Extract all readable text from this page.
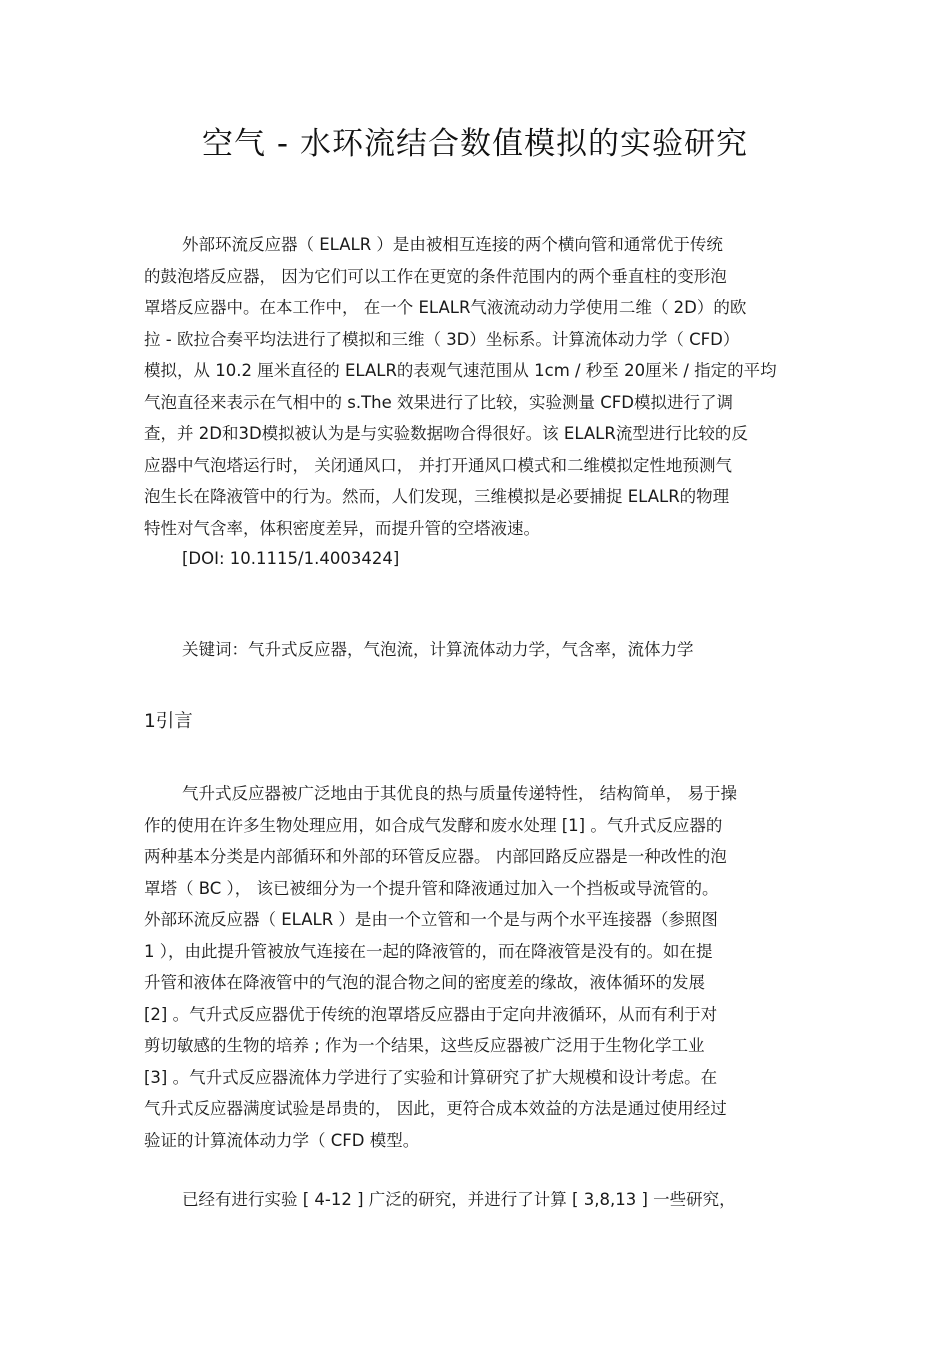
空气 - 水环流结合数值模拟的实验研究
外部环流反应器（ ELALR ）是由被相互连接的两个横向管和通常优于传统
的鼓泡塔反应器， 因为它们可以工作在更宽的条件范围内的两个垂直柱的变形泡
罩塔反应器中。在本工作中， 在一个 ELALR气液流动动力学使用二维（ 2D）的欧
拉 - 欧拉合奏平均法进行了模拟和三维（ 3D）坐标系。计算流体动力学（ CFD）
模拟，从 10.2 厘米直径的 ELALR的表观气速范围从 1cm / 秒至 20厘米 / 指定的平均
气泡直径来表示在气相中的 s.The 效果进行了比较，实验测量 CFD模拟进行了调
查，并 2D和3D模拟被认为是与实验数据吻合得很好。该 ELALR流型进行比较的反
应器中气泡塔运行时， 关闭通风口， 并打开通风口模式和二维模拟定性地预测气
泡生长在降液管中的行为。然而，人们发现，三维模拟是必要捕捉 ELALR的物理
特性对气含率，体积密度差异，而提升管的空塔液速。
[DOI: 10.1115/1.4003424]
关键词：气升式反应器，气泡流，计算流体动力学，气含率，流体力学
1引言
气升式反应器被广泛地由于其优良的热与质量传递特性， 结构简单， 易于操
作的使用在许多生物处理应用，如合成气发酵和废水处理 [1] 。气升式反应器的
两种基本分类是内部循环和外部的环管反应器。 内部回路反应器是一种改性的泡
罩塔（ BC ）， 该已被细分为一个提升管和降液通过加入一个挡板或导流管的。
外部环流反应器（ ELALR ）是由一个立管和一个是与两个水平连接器（参照图
1 ），由此提升管被放气连接在一起的降液管的，而在降液管是没有的。如在提
升管和液体在降液管中的气泡的混合物之间的密度差的缘故，液体循环的发展
[2] 。气升式反应器优于传统的泡罩塔反应器由于定向井液循环，从而有利于对
剪切敏感的生物的培养 ; 作为一个结果，这些反应器被广泛用于生物化学工业
[3] 。气升式反应器流体力学进行了实验和计算研究了扩大规模和设计考虑。在
气升式反应器满度试验是昂贵的， 因此，更符合成本效益的方法是通过使用经过
验证的计算流体动力学（ CFD 模型。
已经有进行实验 [ 4-12 ] 广泛的研究，并进行了计算 [ 3,8,13 ] 一些研究，
